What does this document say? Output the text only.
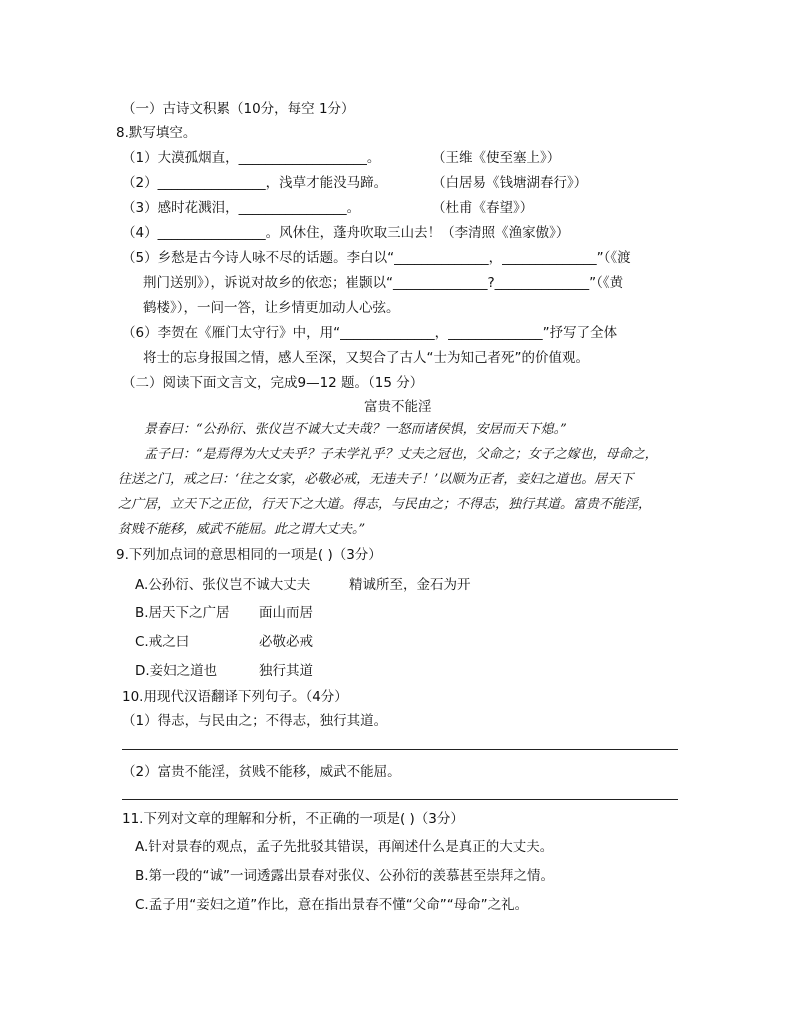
（一）古诗文积累（10分，每空 1分）
8.默写填空。
（1）大漠孤烟直，___________________。	（王维《使至塞上》）
（2）________________，浅草才能没马蹄。	（白居易《钱塘湖春行》）
（3）感时花溅泪，________________。	（杜甫《春望》）
（4）________________。风休住，蓬舟吹取三山去！（李清照《渔家傲》）
（5）乡愁是古今诗人咏不尽的话题。李白以“______________，______________”（《渡
荆门送别》），诉说对故乡的依恋；崔颢以“______________?______________”（《黄
鹤楼》），一问一答，让乡情更加动人心弦。
（6）李贺在《雁门太守行》中，用“______________，______________”抒写了全体
将士的忘身报国之情，感人至深，又契合了古人“士为知己者死”的价值观。
（二）阅读下面文言文，完成9—12 题。（15 分）
富贵不能淫
景春曰：“公孙衍、张仪岂不诚大丈夫哉？一怒而诸侯惧，安居而天下熄。”
孟子曰：“是焉得为大丈夫乎？子未学礼乎？丈夫之冠也，父命之；女子之嫁也，母命之，
往送之门，戒之曰：‘往之女家，必敬必戒，无违夫子！’以顺为正者，妾妇之道也。居天下
之广居，立天下之正位，行天下之大道。得志，与民由之；不得志，独行其道。富贵不能淫，
贫贱不能移，威武不能屈。此之谓大丈夫。”
9.下列加点词的意思相同的一项是( )（3分）
A.公孙衍、张仪岂不诚大丈夫	精诚所至，金石为开
B.居天下之广居 面山而居
C.戒之曰	必敬必戒
D.妾妇之道也	独行其道
10.用现代汉语翻译下列句子。（4分）
（1）得志，与民由之；不得志，独行其道。
（2）富贵不能淫，贫贱不能移，威武不能屈。
11.下列对文章的理解和分析，不正确的一项是( )（3分）
A.针对景春的观点，孟子先批驳其错误，再阐述什么是真正的大丈夫。
B.第一段的“诚”一词透露出景春对张仪、公孙衍的羡慕甚至崇拜之情。
C.孟子用“妾妇之道”作比，意在指出景春不懂“父命”“母命”之礼。
